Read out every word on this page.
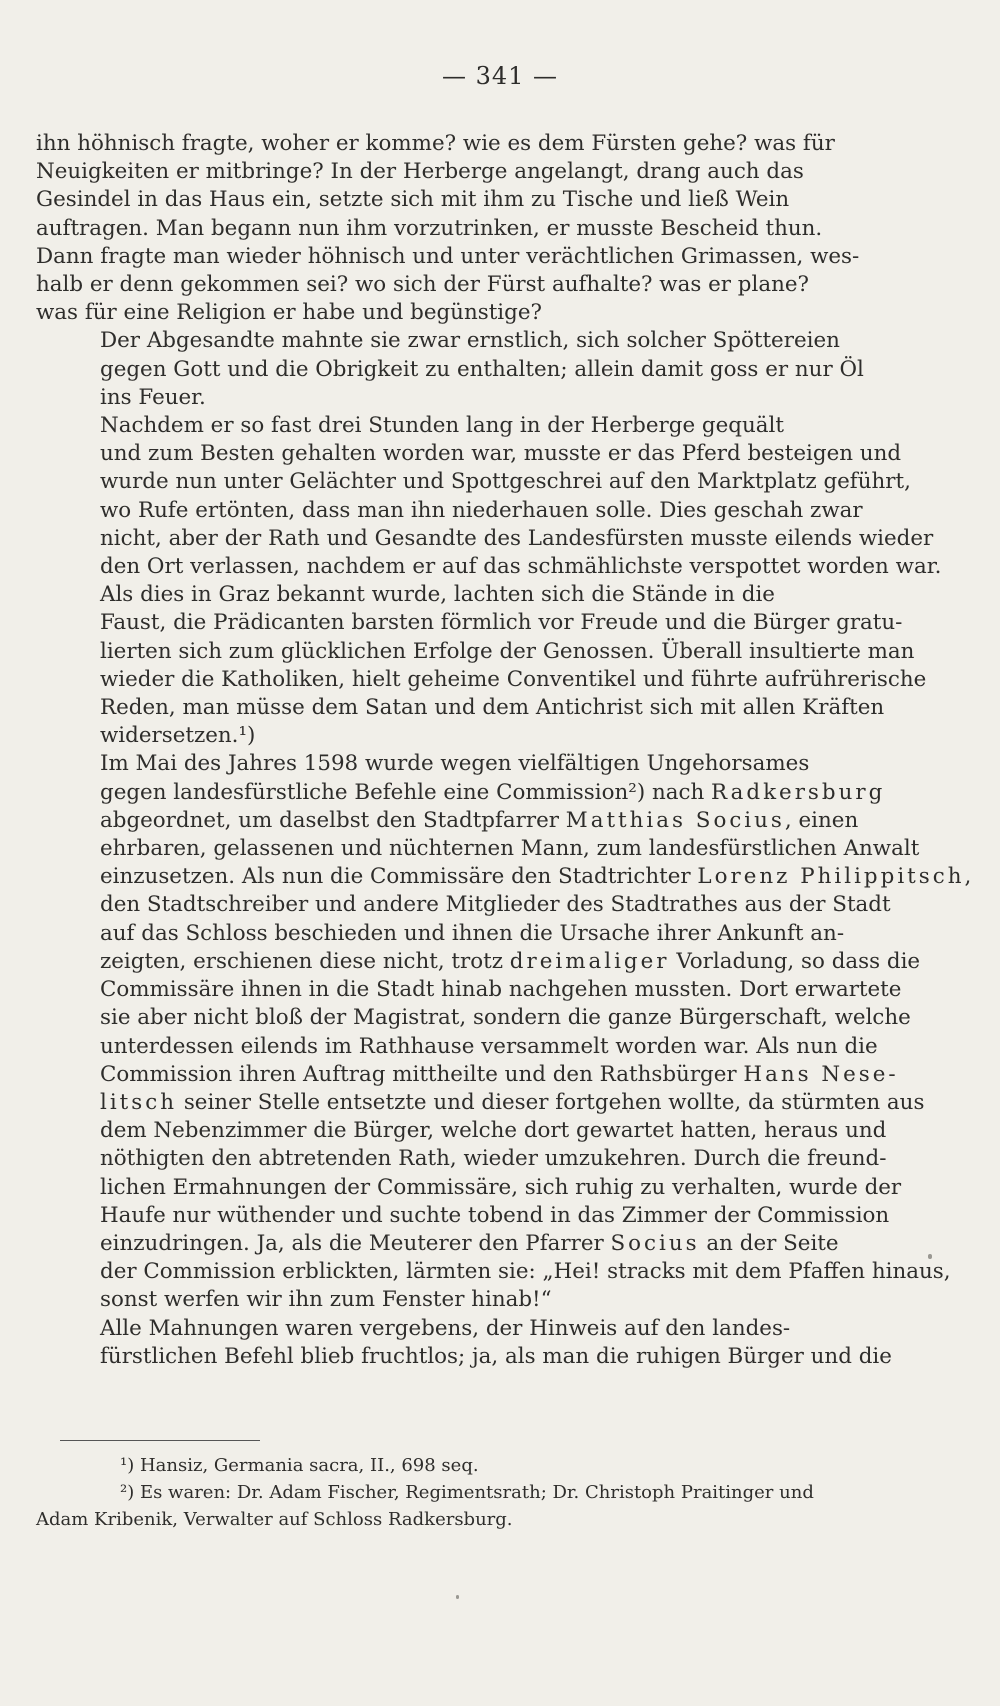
— 341 —

ihn höhnisch fragte, woher er komme? wie es dem Fürsten gehe? was für
Neuigkeiten er mitbringe? In der Herberge angelangt, drang auch das
Gesindel in das Haus ein, setzte sich mit ihm zu Tische und ließ Wein
auftragen. Man begann nun ihm vorzutrinken, er musste Bescheid thun.
Dann fragte man wieder höhnisch und unter verächtlichen Grimassen, wes-
halb er denn gekommen sei? wo sich der Fürst aufhalte? was er plane?
was für eine Religion er habe und begünstige?

Der Abgesandte mahnte sie zwar ernstlich, sich solcher Spöttereien
gegen Gott und die Obrigkeit zu enthalten; allein damit goss er nur Öl
ins Feuer.

Nachdem er so fast drei Stunden lang in der Herberge gequält
und zum Besten gehalten worden war, musste er das Pferd besteigen und
wurde nun unter Gelächter und Spottgeschrei auf den Marktplatz geführt,
wo Rufe ertönten, dass man ihn niederhauen solle. Dies geschah zwar
nicht, aber der Rath und Gesandte des Landesfürsten musste eilends wieder
den Ort verlassen, nachdem er auf das schmählichste verspottet worden war.

Als dies in Graz bekannt wurde, lachten sich die Stände in die
Faust, die Prädicanten barsten förmlich vor Freude und die Bürger gratu-
lierten sich zum glücklichen Erfolge der Genossen. Überall insultierte man
wieder die Katholiken, hielt geheime Conventikel und führte aufrührerische
Reden, man müsse dem Satan und dem Antichrist sich mit allen Kräften
widersetzen.¹)

Im Mai des Jahres 1598 wurde wegen vielfältigen Ungehorsames
gegen landesfürstliche Befehle eine Commission²) nach Radkersburg
abgeordnet, um daselbst den Stadtpfarrer Matthias Socius, einen
ehrbaren, gelassenen und nüchternen Mann, zum landesfürstlichen Anwalt
einzusetzen. Als nun die Commissäre den Stadtrichter Lorenz Philippitsch,
den Stadtschreiber und andere Mitglieder des Stadtrathes aus der Stadt
auf das Schloss beschieden und ihnen die Ursache ihrer Ankunft an-
zeigten, erschienen diese nicht, trotz dreimaliger Vorladung, so dass die
Commissäre ihnen in die Stadt hinab nachgehen mussten. Dort erwartete
sie aber nicht bloß der Magistrat, sondern die ganze Bürgerschaft, welche
unterdessen eilends im Rathhause versammelt worden war. Als nun die
Commission ihren Auftrag mittheilte und den Rathsbürger Hans Nese-
litsch seiner Stelle entsetzte und dieser fortgehen wollte, da stürmten aus
dem Nebenzimmer die Bürger, welche dort gewartet hatten, heraus und
nöthigten den abtretenden Rath, wieder umzukehren. Durch die freund-
lichen Ermahnungen der Commissäre, sich ruhig zu verhalten, wurde der
Haufe nur wüthender und suchte tobend in das Zimmer der Commission
einzudringen. Ja, als die Meuterer den Pfarrer Socius an der Seite
der Commission erblickten, lärmten sie: „Hei! stracks mit dem Pfaffen hinaus,
sonst werfen wir ihn zum Fenster hinab!“

Alle Mahnungen waren vergebens, der Hinweis auf den landes-
fürstlichen Befehl blieb fruchtlos; ja, als man die ruhigen Bürger und die

¹) Hansiz, Germania sacra, II., 698 seq.

²) Es waren: Dr. Adam Fischer, Regimentsrath; Dr. Christoph Praitinger und

Adam Kribenik, Verwalter auf Schloss Radkersburg.
